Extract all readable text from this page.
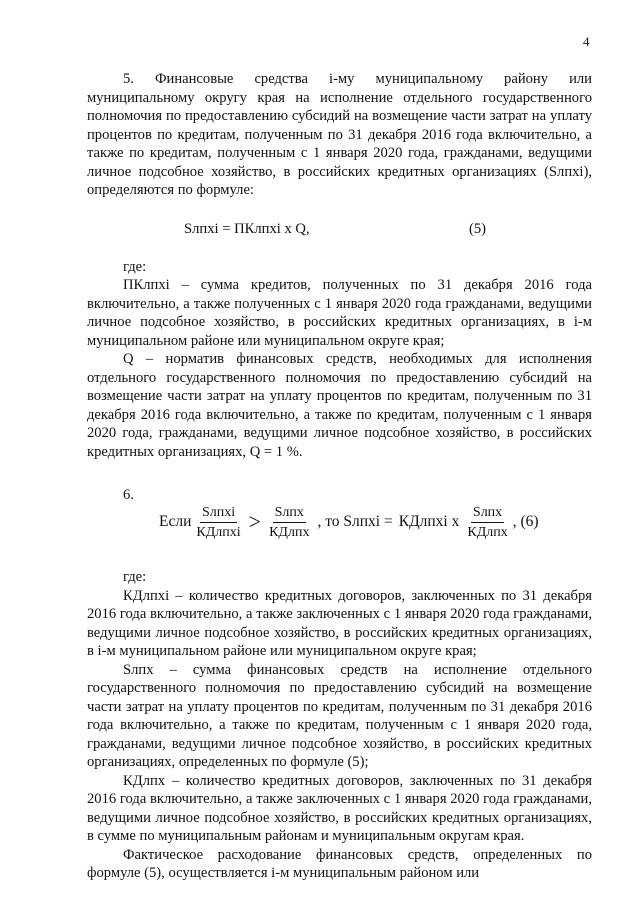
4

5. Финансовые средства i-му муниципальному району или муниципальному округу края на исполнение отдельного государственного полномочия по предоставлению субсидий на возмещение части затрат на уплату процентов по кредитам, полученным по 31 декабря 2016 года включительно, а также по кредитам, полученным с 1 января 2020 года, гражданами, ведущими личное подсобное хозяйство, в российских кредитных организациях (Sлпхi), определяются по формуле:

Sлпхi = ПКлпхi x Q,	(5)

где:

ПКлпхi – сумма кредитов, полученных по 31 декабря 2016 года включительно, а также полученных с 1 января 2020 года гражданами, ведущими личное подсобное хозяйство, в российских кредитных организациях, в i-м муниципальном районе или муниципальном округе края;

Q – норматив финансовых средств, необходимых для исполнения отдельного государственного полномочия по предоставлению субсидий на возмещение части затрат на уплату процентов по кредитам, полученным по 31 декабря 2016 года включительно, а также по кредитам, полученным с 1 января 2020 года, гражданами, ведущими личное подсобное хозяйство, в российских кредитных организациях, Q = 1 %.

6.
Если $\frac{\text{Sлпхi}}{\text{КДлпхi}} > \frac{\text{Sлпх}}{\text{КДлпх}}$ , то Sлпхi = КДлпхi x $\frac{\text{Sлпх}}{\text{КДлпх}}$ , (6)

где:

КДлпхi – количество кредитных договоров, заключенных по 31 декабря 2016 года включительно, а также заключенных с 1 января 2020 года гражданами, ведущими личное подсобное хозяйство, в российских кредитных организациях, в i-м муниципальном районе или муниципальном округе края;

Sлпх – сумма финансовых средств на исполнение отдельного государственного полномочия по предоставлению субсидий на возмещение части затрат на уплату процентов по кредитам, полученным по 31 декабря 2016 года включительно, а также по кредитам, полученным с 1 января 2020 года, гражданами, ведущими личное подсобное хозяйство, в российских кредитных организациях, определенных по формуле (5);

КДлпх – количество кредитных договоров, заключенных по 31 декабря 2016 года включительно, а также заключенных с 1 января 2020 года гражданами, ведущими личное подсобное хозяйство, в российских кредитных организациях, в сумме по муниципальным районам и муниципальным округам края.

Фактическое расходование финансовых средств, определенных по формуле (5), осуществляется i-м муниципальным районом или
